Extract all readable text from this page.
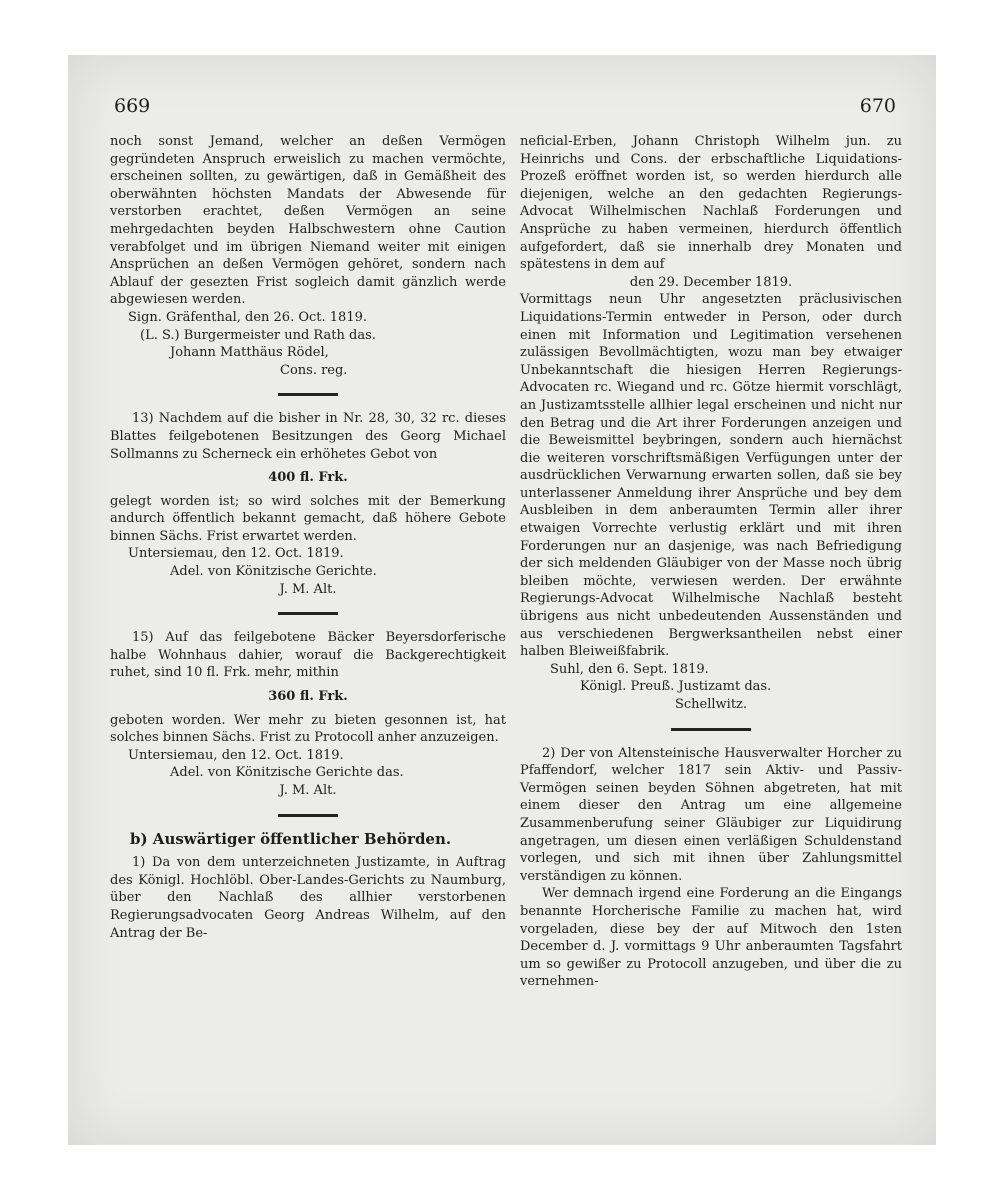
669	670

noch sonst Jemand, welcher an deßen Vermögen gegründeten Anspruch erweislich zu machen vermöchte, erscheinen sollten, zu gewärtigen, daß in Gemäßheit des oberwähnten höchsten Mandats der Abwesende für verstorben erachtet, deßen Vermögen an seine mehrgedachten beyden Halbschwestern ohne Caution verabfolget und im übrigen Niemand weiter mit einigen Ansprüchen an deßen Vermögen gehöret, sondern nach Ablauf der gesezten Frist sogleich damit gänzlich werde abgewiesen werden.

Sign. Gräfenthal, den 26. Oct. 1819.

(L. S.) Burgermeister und Rath das.

Johann Matthäus Rödel,

Cons. reg.

13) Nachdem auf die bisher in Nr. 28, 30, 32 rc. dieses Blattes feilgebotenen Besitzungen des Georg Michael Sollmanns zu Scherneck ein erhöhetes Gebot von

400 fl. Frk.

gelegt worden ist; so wird solches mit der Bemerkung andurch öffentlich bekannt gemacht, daß höhere Gebote binnen Sächs. Frist erwartet werden.

Untersiemau, den 12. Oct. 1819.

Adel. von Könitzische Gerichte.

J. M. Alt.

15) Auf das feilgebotene Bäcker Beyersdorferische halbe Wohnhaus dahier, worauf die Backgerechtigkeit ruhet, sind 10 fl. Frk. mehr, mithin

360 fl. Frk.

geboten worden. Wer mehr zu bieten gesonnen ist, hat solches binnen Sächs. Frist zu Protocoll anher anzuzeigen.

Untersiemau, den 12. Oct. 1819.

Adel. von Könitzische Gerichte das.

J. M. Alt.

b) Auswärtiger öffentlicher Behörden.

1) Da von dem unterzeichneten Justizamte, in Auftrag des Königl. Hochlöbl. Ober-Landes-Gerichts zu Naumburg, über den Nachlaß des allhier verstorbenen Regierungsadvocaten Georg Andreas Wilhelm, auf den Antrag der Be-

neficial-Erben, Johann Christoph Wilhelm jun. zu Heinrichs und Cons. der erbschaftliche Liquidations-Prozeß eröffnet worden ist, so werden hierdurch alle diejenigen, welche an den gedachten Regierungs-Advocat Wilhelmischen Nachlaß Forderungen und Ansprüche zu haben vermeinen, hierdurch öffentlich aufgefordert, daß sie innerhalb drey Monaten und spätestens in dem auf

den 29. December 1819.

Vormittags neun Uhr angesetzten präclusivischen Liquidations-Termin entweder in Person, oder durch einen mit Information und Legitimation versehenen zulässigen Bevollmächtigten, wozu man bey etwaiger Unbekanntschaft die hiesigen Herren Regierungs-Advocaten rc. Wiegand und rc. Götze hiermit vorschlägt, an Justizamtsstelle allhier legal erscheinen und nicht nur den Betrag und die Art ihrer Forderungen anzeigen und die Beweismittel beybringen, sondern auch hiernächst die weiteren vorschriftsmäßigen Verfügungen unter der ausdrücklichen Verwarnung erwarten sollen, daß sie bey unterlassener Anmeldung ihrer Ansprüche und bey dem Ausbleiben in dem anberaumten Termin aller ihrer etwaigen Vorrechte verlustig erklärt und mit ihren Forderungen nur an dasjenige, was nach Befriedigung der sich meldenden Gläubiger von der Masse noch übrig bleiben möchte, verwiesen werden. Der erwähnte Regierungs-Advocat Wilhelmische Nachlaß besteht übrigens aus nicht unbedeutenden Aussenständen und aus verschiedenen Bergwerksantheilen nebst einer halben Bleiweißfabrik.

Suhl, den 6. Sept. 1819.

Königl. Preuß. Justizamt das.

Schellwitz.

2) Der von Altensteinische Hausverwalter Horcher zu Pfaffendorf, welcher 1817 sein Aktiv- und Passiv-Vermögen seinen beyden Söhnen abgetreten, hat mit einem dieser den Antrag um eine allgemeine Zusammenberufung seiner Gläubiger zur Liquidirung angetragen, um diesen einen verläßigen Schuldenstand vorlegen, und sich mit ihnen über Zahlungsmittel verständigen zu können.

Wer demnach irgend eine Forderung an die Eingangs benannte Horcherische Familie zu machen hat, wird vorgeladen, diese bey der auf Mitwoch den 1sten December d. J. vormittags 9 Uhr anberaumten Tagsfahrt um so gewißer zu Protocoll anzugeben, und über die zu vernehmen-
